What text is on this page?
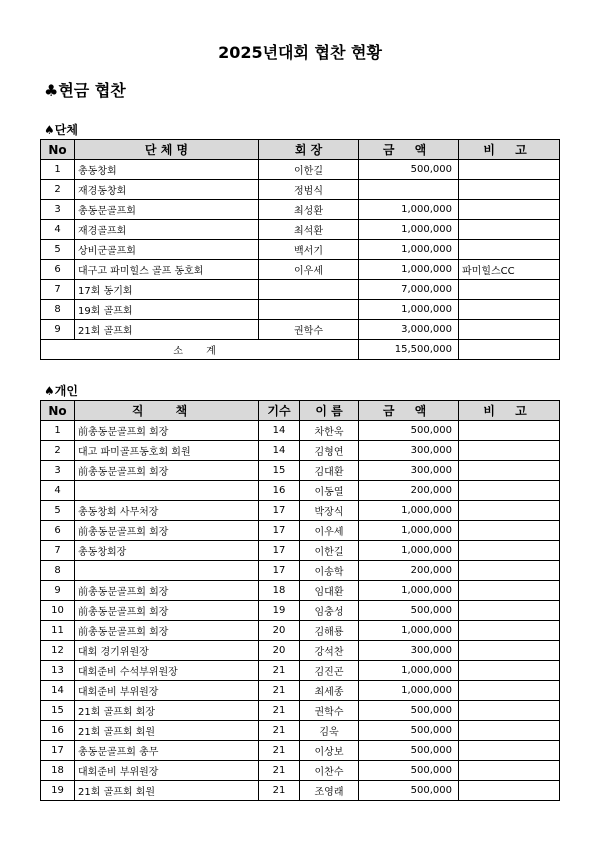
2025년대회 협찬 현황
♣현금 협찬
♠단체
No	단 체 명	회 장	금 액	비 고
1	총동창회	이한길	500,000	
2	재경동창회	정범식		
3	총동문골프회	최성환	1,000,000	
4	재경골프회	최석환	1,000,000	
5	상비군골프회	백서기	1,000,000	
6	대구고 파미힐스 골프 동호회	이우세	1,000,000	파미힐스CC
7	17회 동기회		7,000,000	
8	19회 골프회		1,000,000	
9	21회 골프회	권학수	3,000,000	
소 계			15,500,000	
♠개인
No	직 책	기수	이 름	금 액	비 고
1	前총동문골프회 회장	14	차한욱	500,000	
2	대고 파미골프동호회 회원	14	김형연	300,000	
3	前총동문골프회 회장	15	김대환	300,000	
4		16	이동열	200,000	
5	총동창회 사무처장	17	박장식	1,000,000	
6	前총동문골프회 회장	17	이우세	1,000,000	
7	총동창회장	17	이한길	1,000,000	
8		17	이송학	200,000	
9	前총동문골프회 회장	18	임대환	1,000,000	
10	前총동문골프회 회장	19	임충성	500,000	
11	前총동문골프회 회장	20	김해룡	1,000,000	
12	대회 경기위원장	20	강석찬	300,000	
13	대회준비 수석부위원장	21	김진곤	1,000,000	
14	대회준비 부위원장	21	최세종	1,000,000	
15	21회 골프회 회장	21	권학수	500,000	
16	21회 골프회 회원	21	김욱	500,000	
17	총동문골프회 총무	21	이상보	500,000	
18	대회준비 부위원장	21	이찬수	500,000	
19	21회 골프회 회원	21	조영래	500,000	
